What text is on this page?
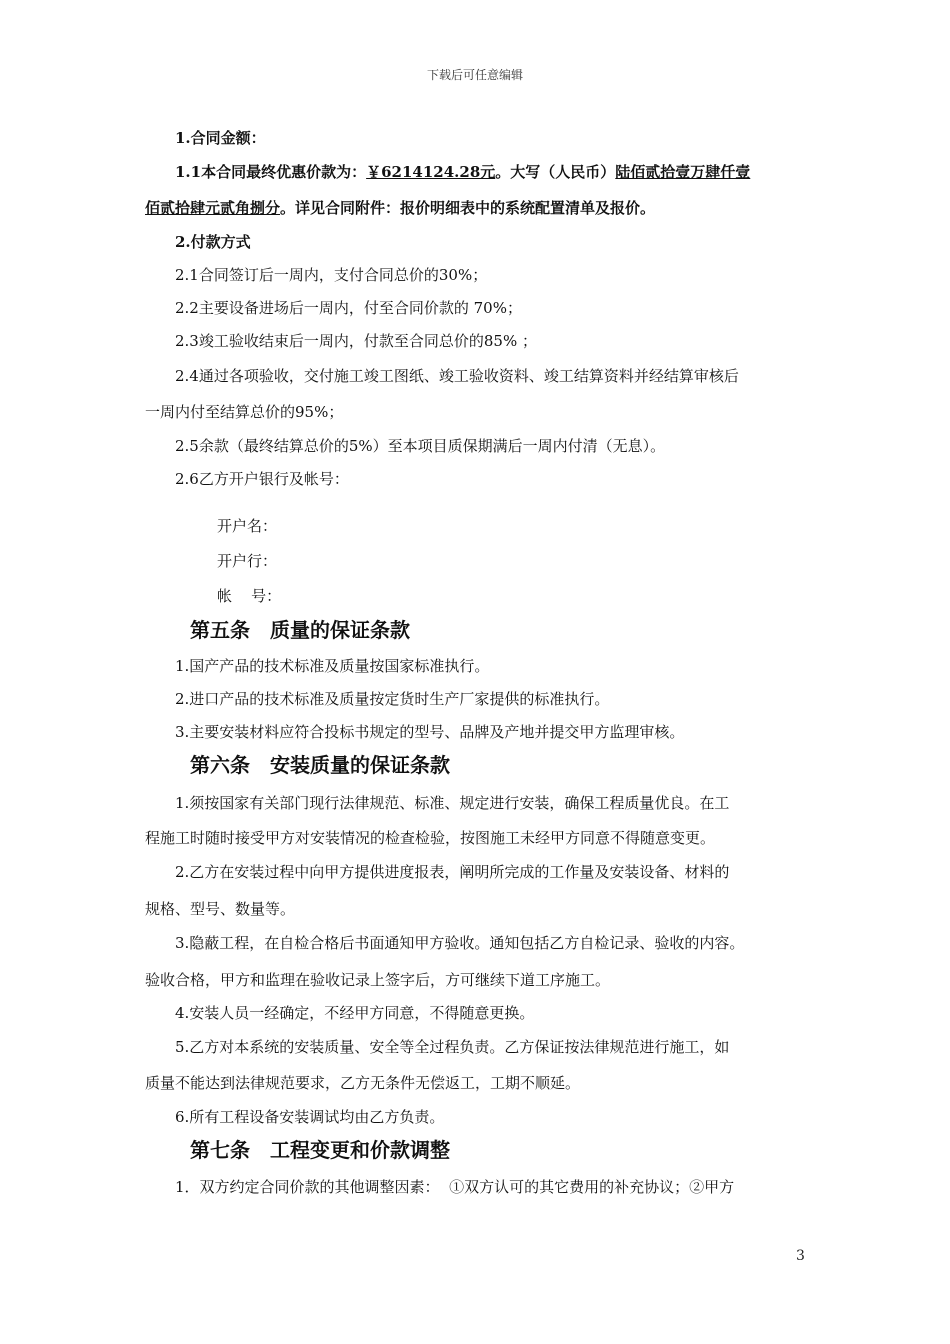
下载后可任意编辑
1.合同金额：
1.1本合同最终优惠价款为：￥6214124.28元。大写（人民币）陆佰贰拾壹万肆仟壹
佰贰拾肆元贰角捌分。详见合同附件：报价明细表中的系统配置清单及报价。
2.付款方式
2.1合同签订后一周内，支付合同总价的30%；
2.2主要设备进场后一周内，付至合同价款的 70%；
2.3竣工验收结束后一周内，付款至合同总价的85% ；
2.4通过各项验收，交付施工竣工图纸、竣工验收资料、竣工结算资料并经结算审核后
一周内付至结算总价的95%；
2.5余款（最终结算总价的5%）至本项目质保期满后一周内付清（无息）。
2.6乙方开户银行及帐号：
开户名：
开户行：
帐    号：
第五条 质量的保证条款
1.国产产品的技术标准及质量按国家标准执行。
2.进口产品的技术标准及质量按定货时生产厂家提供的标准执行。
3.主要安装材料应符合投标书规定的型号、品牌及产地并提交甲方监理审核。
第六条 安装质量的保证条款
1.须按国家有关部门现行法律规范、标准、规定进行安装，确保工程质量优良。在工
程施工时随时接受甲方对安装情况的检查检验，按图施工未经甲方同意不得随意变更。
2.乙方在安装过程中向甲方提供进度报表，阐明所完成的工作量及安装设备、材料的
规格、型号、数量等。
3.隐蔽工程，在自检合格后书面通知甲方验收。通知包括乙方自检记录、验收的内容。
验收合格，甲方和监理在验收记录上签字后，方可继续下道工序施工。
4.安装人员一经确定，不经甲方同意，不得随意更换。
5.乙方对本系统的安装质量、安全等全过程负责。乙方保证按法律规范进行施工，如
质量不能达到法律规范要求，乙方无条件无偿返工，工期不顺延。
6.所有工程设备安装调试均由乙方负责。
第七条 工程变更和价款调整
1．双方约定合同价款的其他调整因素：  ①双方认可的其它费用的补充协议；②甲方
3
